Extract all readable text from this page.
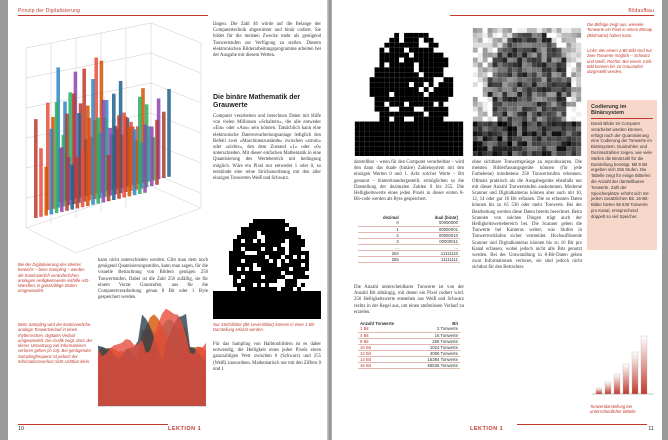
Prinzip der Digitalisierung
Bei der Digitalisierung des Wertes bereichs – beim Sampling – werden die Kontinuierlich veränderlichen, analogen Helligkeitswerte mithilfe A/D-Wandlers in ganzzahlige Stufen umgewandelt.
Beim Sampling wird der kontinuierliche, analoge Tonwertverlauf in einen rhythmischen, digitalen Verlauf umgewandelt. Die Grafik zeigt, dass der dieser Umsetzung viel Informationen verloren gehen (in rot). Bei genügender Samplingfrequenz ist jedoch der Informationsverlust nicht sichtbar klein.
kann nicht unterschieden werden. Gibt man dem noch genügend Quantisierungsstufen, kann man sagen, für die visuelle Betrachtung von Bildern genügen 256 Tonwertstufen. Dabei ist die Zahl 256 zufällig, sie für einem Vorrat Graustufen, aus für die Computerverarbeitung genau 8 Bit oder 1 Byte gespeichert werden.
längen. Die Zahl 46 würde auf die Belange der Computertechnik abgestimmt und binär codiert. Sie bildet für die meisten Zwecke mehr als genügend Tonwertstufen zur Verfügung zu stellen. Diesem elektronischen Bilderarbeitungsprogramme arbeiten bei der Ausgabe mit diesem Werten.
Die binäre Mathematik der Grauwerte
Computer verarbeiten und berechnen Daten mit Hilfe von vielen Millionen »Schaltern«, die alle entweder »Ein« oder »Aus« sein können. Tatsächlich kann eine elektronische Datenverarbeitungsanlage lediglich den Befehl zwei »Maschinenzustände« zwischen »strom« oder »nichts«, den dem Zustand »1« oder »0« unterschieden. Mit dieser einfachen Mathematik in eine Quantisierung des Wertebereich mit bedingung möglich. Wäre ein Pixel nur entweder 1 oder 0, so entstünde eine reine Strichanordnung mit den aller einzigen Tonwerten Weiß und Schwarz.
Nur Strichbilder (Bit-Level-Bilder) können in einer 1-Bit-Darstellung erfasst werden.
Für das Sampling von Halbtonbildern ist es daher notwendig, die Helligkeit eines jeden Pixels einen ganzzahligen Wert zwischen 0 (Schwarz) und 255 (Weiß) zuzuordnen. Mathematisch nur mit den Ziffern 0 und 1
10	LEKTION 1
Bildaufbau
Die Bitfolge zeigt aus, wieviele Tonwerte ein Pixel in einem Bitmap (Bildmatrix) haben kann.
Links: Bei einem 1-Bit-Bild sind nur zwei Tonwerte möglich – Schwarz und Weiß. Rechts: Bei einem 4-Bit-Bild können bis 16 Graustufen dargestellt werden.
darstellbar – wenn für den Computer verarbeitbar – wird den dann das duale (binäre) Zahlensystem mit den einzigen Werten 0 und 1. Acht solcher Werte – Bit genannt – hintereinandergestellt, ermöglichen so die Darstellung der dezimalen Zahlen 0 bis 255. Die Helligkeitswerte eines jeden Pixels in dieser ersten 8-Bit-code werden als Byte gespeichert.
dezimal	dual (binär)
0	00000000
1	00000001
2	00000010
3	00000011
...	...
254	11111110
255	11111111
Die Anzahl unterscheidbarer Tonwerte ist von der Anzahl Bit abhängig, mit denen ein Pixel codiert wird. 256 Helligkeitswerte entstehen aus Weiß und Schwarz rechts in der Regel aus, um einen stufenlosen Verlauf zu erzielen.
Anzahl Tonwerte	Bit
1 Bit	2 Tonwerte
4 Bit	16 Tonwerte
8 Bit	256 Tonwerte
10 Bit	1024 Tonwerte
12 Bit	4096 Tonwerte
14 Bit	16384 Tonwerte
16 Bit	65536 Tonwerte
ohne sichtbare Tonwertsprünge zu reproduzieren. Die meisten Bilderfassungsgeräte können (für jede Farbebene) mindestens 256 Tonwertstufen erkennen. Oftmals praktisch als die Ausgabegeräte ebenfalls nur mit dieser Anzahl Tonwertstufen auskommen. Moderne Scanner und Digitalkameras können aber auch mit 10, 12, 14 oder gar 16 Bit erfassen. Die so erfassten Daten können bis zu 65 536 oder mehr Tonwerte. Bei der Bearbeitung werden diese Daten bereits berechnet. Beim Scannen von solchen Dingen trägt auch der Helligkeitswertebereich bei. Die Scanner geben die Tonwerte bei Kameras weiter, was Stufen in Tonwertverläufen sicher vermeidet. Hochauflösende Scanner und Digitalkameras können bis zu 16 Bit pro Kanal erfassen, wobei jedoch nicht alle Bits genutzt werden. Bei der Umwandlung in 8-Bit-Daten gehen zwar Informationen verloren, sie sind jedoch nicht sichtbar für den Betrachter.
Codierung im Binärsystem
Damit Bilder im Computer verarbeitet werden können, erfolgt nach der Quantisierung eine Codierung der Tonwerte im Binärsystem. Dualzahlen und Dezimalzahlen zeigen, wie viele Stellen die Binärzahl für die Darstellung benötigt. Mit 8 Bit ergeben sich 256 Stufen. Die Tabelle zeigt für einige Bittiefen die Anzahl der darstellbaren Tonwerte. Zahl der Speicherplätze erhöht sich mit jedem zusätzlichen Bit. 16-Bit-Bilder bieten 65 536 Tonwerte pro Kanal, entsprechend doppelt so viel Speicher.
Tonwertdarstellung bei unterschiedlicher Bittiefe
LEKTION 1	11
